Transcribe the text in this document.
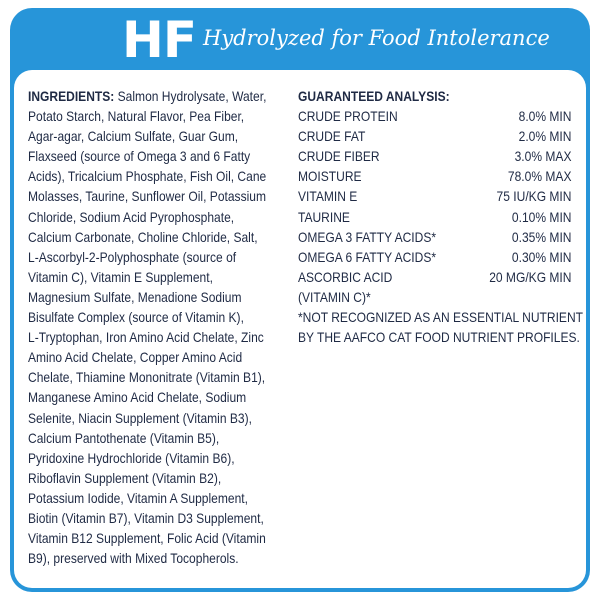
HF Hydrolyzed for Food Intolerance
INGREDIENTS: Salmon Hydrolysate, Water,
Potato Starch, Natural Flavor, Pea Fiber,
Agar-agar, Calcium Sulfate, Guar Gum,
Flaxseed (source of Omega 3 and 6 Fatty
Acids), Tricalcium Phosphate, Fish Oil, Cane
Molasses, Taurine, Sunflower Oil, Potassium
Chloride, Sodium Acid Pyrophosphate,
Calcium Carbonate, Choline Chloride, Salt,
L-Ascorbyl-2-Polyphosphate (source of
Vitamin C), Vitamin E Supplement,
Magnesium Sulfate, Menadione Sodium
Bisulfate Complex (source of Vitamin K),
L-Tryptophan, Iron Amino Acid Chelate, Zinc
Amino Acid Chelate, Copper Amino Acid
Chelate, Thiamine Mononitrate (Vitamin B1),
Manganese Amino Acid Chelate, Sodium
Selenite, Niacin Supplement (Vitamin B3),
Calcium Pantothenate (Vitamin B5),
Pyridoxine Hydrochloride (Vitamin B6),
Riboflavin Supplement (Vitamin B2),
Potassium Iodide, Vitamin A Supplement,
Biotin (Vitamin B7), Vitamin D3 Supplement,
Vitamin B12 Supplement, Folic Acid (Vitamin
B9), preserved with Mixed Tocopherols.
GUARANTEED ANALYSIS:
CRUDE PROTEIN	8.0% MIN
CRUDE FAT	2.0% MIN
CRUDE FIBER	3.0% MAX
MOISTURE	78.0% MAX
VITAMIN E	75 IU/KG MIN
TAURINE	0.10% MIN
OMEGA 3 FATTY ACIDS*	0.35% MIN
OMEGA 6 FATTY ACIDS*	0.30% MIN
ASCORBIC ACID	20 MG/KG MIN
(VITAMIN C)*
*NOT RECOGNIZED AS AN ESSENTIAL NUTRIENT
BY THE AAFCO CAT FOOD NUTRIENT PROFILES.
